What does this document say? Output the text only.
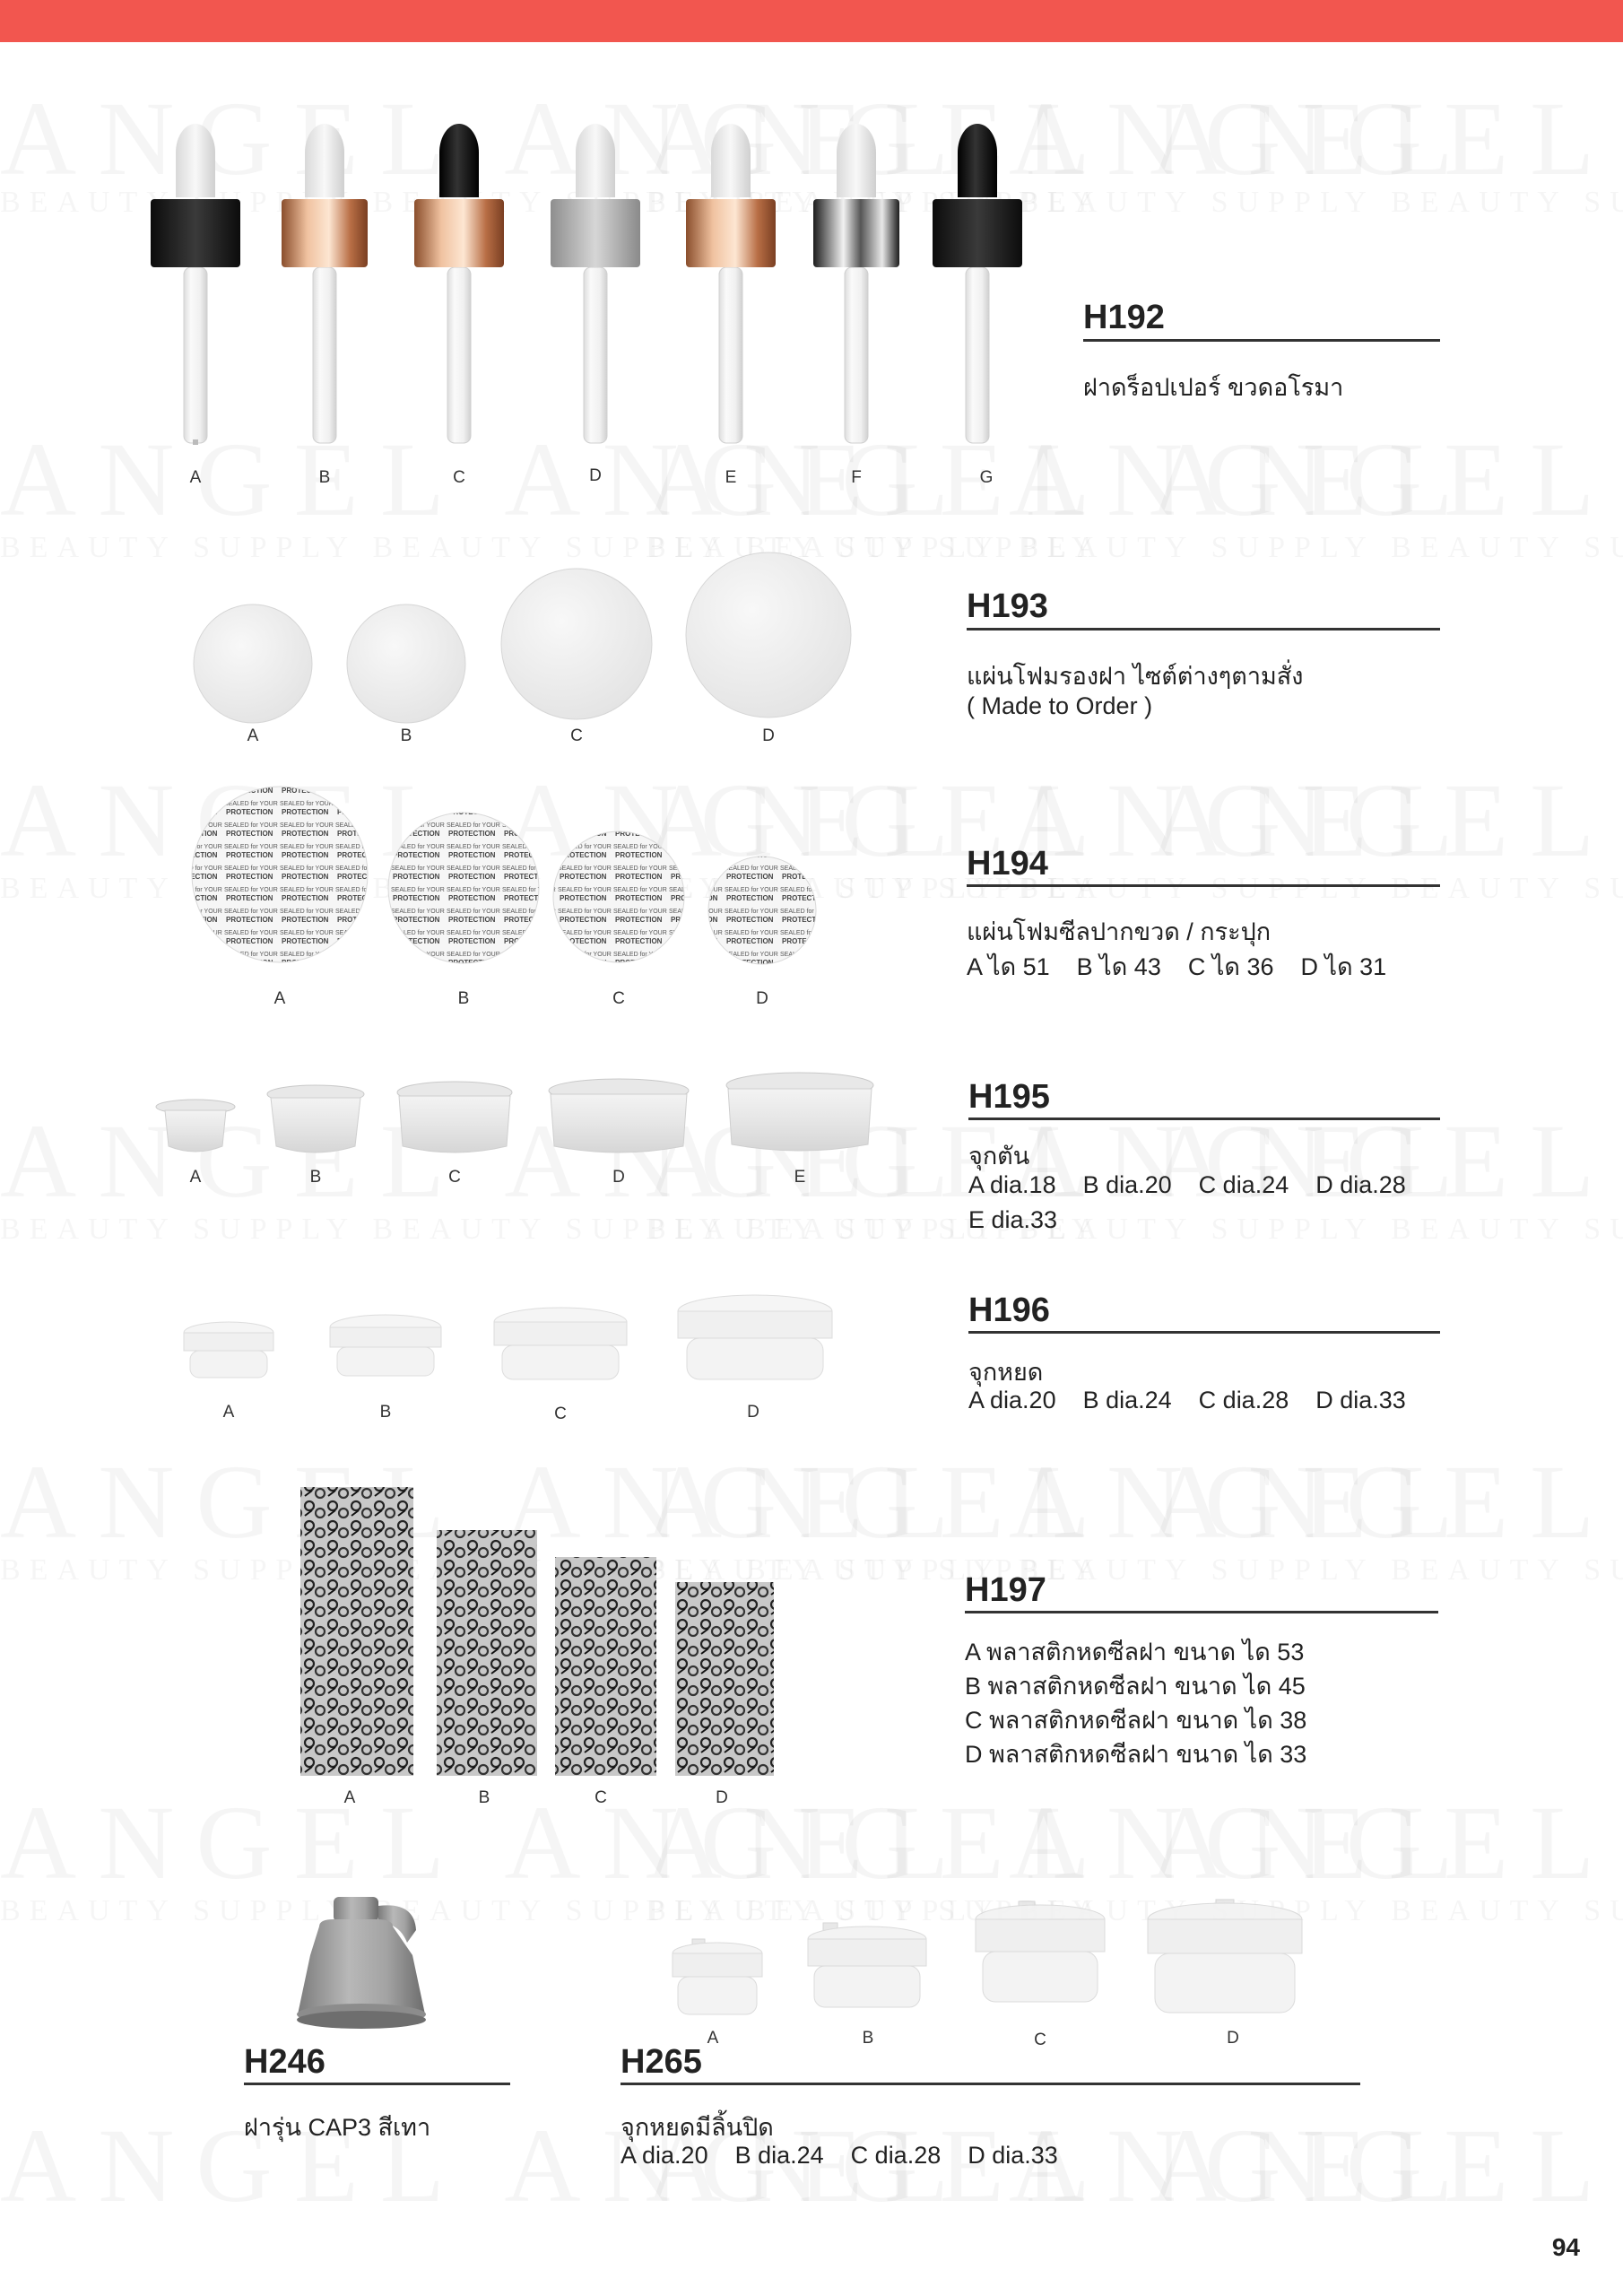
A	B	C	D	E	F	G
H192
ฝาดร็อปเปอร์ ขวดอโรมา
A	B	C	D
H193
แผ่นโฟมรองฝา ไซต์ต่างๆตามสั่ง
( Made to Order )
A	B	C	D
H194
แผ่นโฟมซีลปากขวด / กระปุก
A ได 51    B ได 43    C ได 36    D ได 31
A	B	C	D	E
H195
จุกตัน
A dia.18    B dia.20    C dia.24    D dia.28
E dia.33
A	B	C	D
H196
จุกหยด
A dia.20    B dia.24    C dia.28    D dia.33
A	B	C	D
H197
A พลาสติกหดซีลฝา ขนาด ได 53
B พลาสติกหดซีลฝา ขนาด ได 45
C พลาสติกหดซีลฝา ขนาด ได 38
D พลาสติกหดซีลฝา ขนาด ได 33
H246
ฝารุ่น CAP3 สีเทา
A	B	C	D
H265
จุกหยดมีลิ้นปิด
A dia.20    B dia.24    C dia.28    D dia.33
94
